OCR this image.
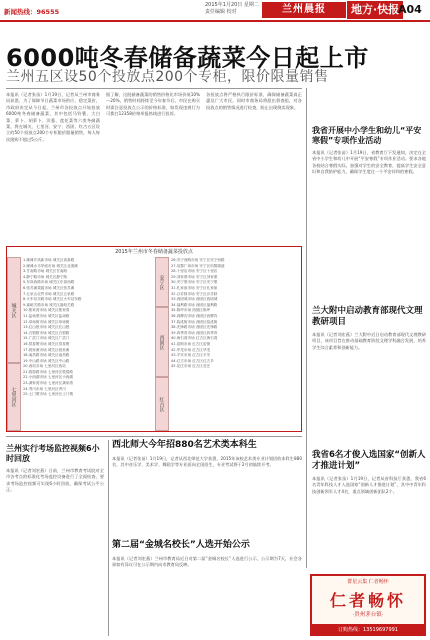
新闻热线：96555
2015年1月20日 星期二
责任编辑 校对	兰州晨报	地方·快报
A04
6000吨冬春储备蔬菜今日起上市
兰州五区设50个投放点200个专柜，限价限量销售
本报讯（记者张苗）1月19日，记者从兰州市商务局获悉，为了保障节日蔬菜市场供应，稳定菜价，市政府决定从今日起，兰州市各投放点开始投放6000吨冬春储备蔬菜，其中包括马铃薯、大白菜、萝卜、胡萝卜、洋葱、莲花菜等六类冬储蔬菜，将在城关、七里河、安宁、西固、红古五区设立的50个投放点200个专柜限价限量销售，每人每次限购不超过5公斤。
据了解，这批储备蔬菜的销售价格比市场价低10%～20%，销售时间持续至今年春节后。市民在购买时需注意投放点公示的价格标准，如发现违规行为可拨打12358价格举报热线进行投诉。
各投放点将严格执行限价标准，确保储备蔬菜真正惠及广大市民，同时市商务局将派出督查组，对各投放点的销售情况进行检查，防止出现倒卖现象。
2015年兰州市冬春储备蔬菜投放点
城关区
七里河区
安宁区
西固区
红古区
1.雁滩乡高新市场 城关区高新路
2.雁滩水木华庭市场 城关区北面滩
3.甘南路市场 城关区甘南路
4.静宁路市场 城关区静宁路
5.东岗西路市场 城关区东岗西路
6.张苏滩果蔬市场 城关区张苏滩
7.五泉山农贸市场 城关区五泉路
8.火车站东路市场 城关区火车站东路
9.嘉峪关路市场 城关区嘉峪关路
10.焦家湾市场 城关区焦家湾
11.盐场堡市场 城关区盐场路
12.草场街市场 城关区草场街
13.红山根市场 城关区红山根
14.白银路市场 城关区白银路
15.广武门市场 城关区广武门
16.拱星墩市场 城关区拱星墩
17.段家滩市场 城关区段家滩
18.南昌路市场 城关区南昌路
19.中山路市场 城关区中山路
20.西站市场 七里河区西站
21.敦煌路市场 七里河区敦煌路
22.小西湖市场 七里河区小西湖
23.龚家湾市场 七里河区龚家湾
24.秀川市场 七里河区秀川
25.土门墩市场 七里河区土门墩
26.安宁西路市场 安宁区安宁西路
27.培黎广场市场 安宁区培黎街道
28.十里店市场 安宁区十里店
29.刘家堡市场 安宁区刘家堡
30.安宁堡市场 安宁区安宁堡
31.孔家崖市场 安宁区孔家崖
32.沙井驿市场 安宁区沙井驿
33.西固城市场 西固区西固城
34.福利路市场 西固区福利路
35.陈坪市场 西固区陈坪
36.西柳沟市场 西固区西柳沟
37.临洮街市场 西固区临洮街
38.先锋路市场 西固区先锋路
39.四季青市场 西固区四季青
40.海石湾市场 红古区海石湾
41.窑街市场 红古区窑街
42.华龙市场 红古区华龙
43.平安市场 红古区平安
44.红古市场 红古区红古乡
45.花庄市场 红古区花庄
我省开展中小学生和幼儿“平安寒假”专项作业活动
本报讯（记者张苗）1月19日，省教育厅下发通知，决定在全省中小学生和幼儿中开展“平安寒假”专项作业活动。要求各地各校结合寒假实际，加强对学生的安全教育，提高学生安全意识和自我防护能力，确保学生度过一个平安祥和的寒假。
兰大附中启动教育部现代文理教研项目
本报讯（记者刘宏燕）兰大附中近日启动教育部现代文理教研项目，该项目旨在推动基础教育阶段文理学科融合发展，培养学生综合素养和创新能力。
我省6名才俊入选国家“创新人才推进计划”
本报讯（记者张苗）1月19日，记者从省科技厅获悉，我省6名青年科技人才入选国家“创新人才推进计划”，其中中青年科技创新领军人才4名，重点领域创新团队2个。
兰州实行考场监控视频6小时回放
本报讯（记者刘宏燕）日前，兰州市教育考试院对全市各考点的标准化考场监控设备进行了全面检查，要求考场监控视频可实现6小时回放，确保考试公平公正。
西北师大今年招880名艺术类本科生
本报讯（记者张苗）1月19日，记者从西北师范大学获悉，2015年该校艺术类专业计划招收本科生880名，其中音乐学、美术学、舞蹈学等专业面向全国招生，专业考试将于2月初陆续开考。
第二届“金城名校长”人选开始公示
本报讯（记者刘宏燕）兰州市教育局近日对第二届“金城名校长”人选进行公示，公示期为7天，社会各界如有异议可在公示期内向市教育局反映。
群星云集 仁者畅怀
仁者畅怀
·贵州茅台镇·
订购热线：13519697991
